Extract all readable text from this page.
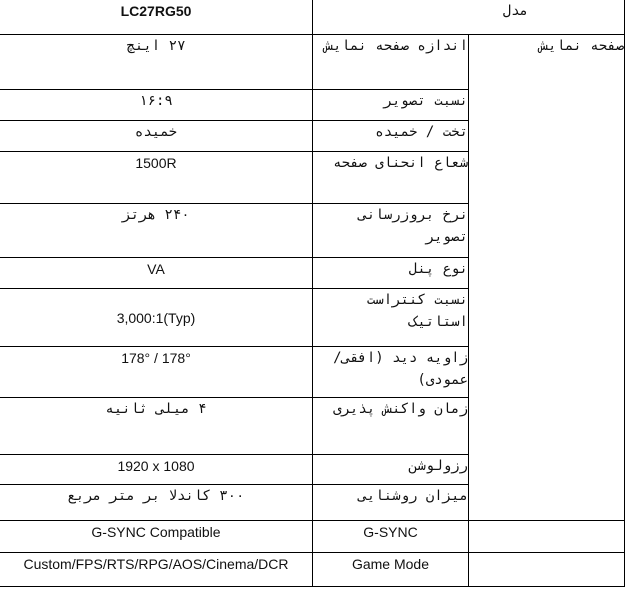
LC27RG50	مدل	
۲۷ اینچ	اندازه صفحه نمایش	صفحه نمایش
۱۶:۹	نسبت تصویر	
خمیده	تخت / خمیده	
1500R	شعاع انحنای صفحه	
۲۴۰ هرتز	نرخ بروزرسانی تصویر	
VA	نوع پنل	
3,000:1(Typ)	نسبت کنتراست استاتیک	
178° / 178°	زاویه دید (افقی/عمودی)	
۴ میلی ثانیه	زمان واکنش پذیری	
1920 x 1080	رزولوشن	
۳۰۰ کاندلا بر متر مربع	میزان روشنایی	
G-SYNC Compatible	G-SYNC	
Custom/FPS/RTS/RPG/AOS/Cinema/DCR	Game Mode	
